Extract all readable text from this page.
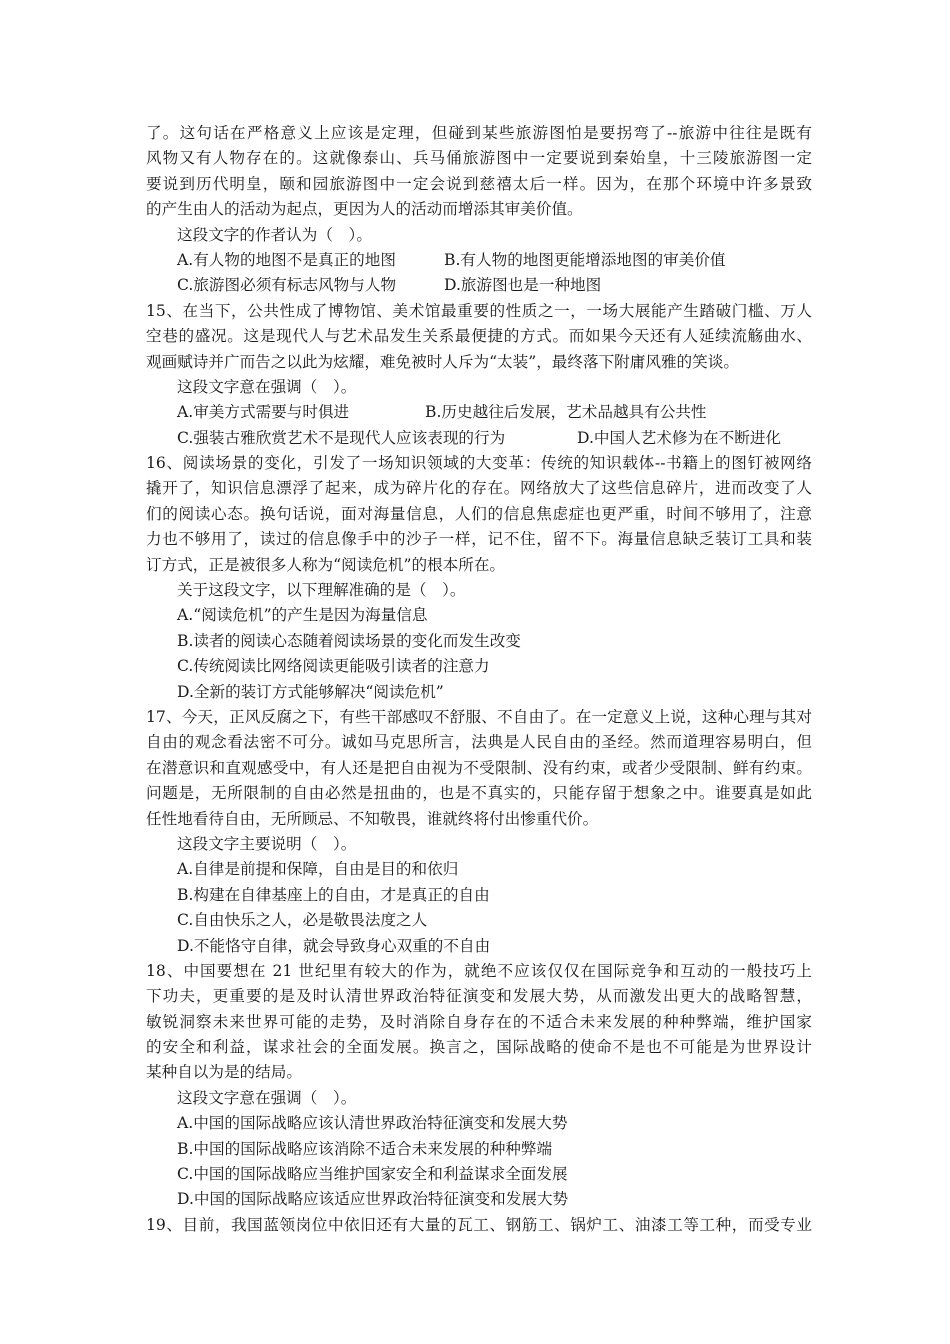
了。这句话在严格意义上应该是定理，但碰到某些旅游图怕是要拐弯了--旅游中往往是既有
风物又有人物存在的。这就像泰山、兵马俑旅游图中一定要说到秦始皇，十三陵旅游图一定
要说到历代明皇，颐和园旅游图中一定会说到慈禧太后一样。因为，在那个环境中许多景致
的产生由人的活动为起点，更因为人的活动而增添其审美价值。
这段文字的作者认为（　）。
A.有人物的地图不是真正的地图	B.有人物的地图更能增添地图的审美价值
C.旅游图必须有标志风物与人物	D.旅游图也是一种地图
15、在当下，公共性成了博物馆、美术馆最重要的性质之一，一场大展能产生踏破门槛、万人
空巷的盛况。这是现代人与艺术品发生关系最便捷的方式。而如果今天还有人延续流觞曲水、
观画赋诗并广而告之以此为炫耀，难免被时人斥为“太装”，最终落下附庸风雅的笑谈。
这段文字意在强调（　）。
A.审美方式需要与时俱进	B.历史越往后发展，艺术品越具有公共性
C.强装古雅欣赏艺术不是现代人应该表现的行为	D.中国人艺术修为在不断进化
16、阅读场景的变化，引发了一场知识领域的大变革：传统的知识载体--书籍上的图钉被网络
撬开了，知识信息漂浮了起来，成为碎片化的存在。网络放大了这些信息碎片，进而改变了人
们的阅读心态。换句话说，面对海量信息，人们的信息焦虑症也更严重，时间不够用了，注意
力也不够用了，读过的信息像手中的沙子一样，记不住，留不下。海量信息缺乏装订工具和装
订方式，正是被很多人称为“阅读危机”的根本所在。
关于这段文字，以下理解准确的是（　）。
A.“阅读危机”的产生是因为海量信息
B.读者的阅读心态随着阅读场景的变化而发生改变
C.传统阅读比网络阅读更能吸引读者的注意力
D.全新的装订方式能够解决“阅读危机”
17、今天，正风反腐之下，有些干部感叹不舒服、不自由了。在一定意义上说，这种心理与其对
自由的观念看法密不可分。诚如马克思所言，法典是人民自由的圣经。然而道理容易明白，但
在潜意识和直观感受中，有人还是把自由视为不受限制、没有约束，或者少受限制、鲜有约束。
问题是，无所限制的自由必然是扭曲的，也是不真实的，只能存留于想象之中。谁要真是如此
任性地看待自由，无所顾忌、不知敬畏，谁就终将付出惨重代价。
这段文字主要说明（　）。
A.自律是前提和保障，自由是目的和依归
B.构建在自律基座上的自由，才是真正的自由
C.自由快乐之人，必是敬畏法度之人
D.不能恪守自律，就会导致身心双重的不自由
18、中国要想在 21 世纪里有较大的作为，就绝不应该仅仅在国际竞争和互动的一般技巧上
下功夫，更重要的是及时认清世界政治特征演变和发展大势，从而激发出更大的战略智慧，
敏锐洞察未来世界可能的走势，及时消除自身存在的不适合未来发展的种种弊端，维护国家
的安全和利益，谋求社会的全面发展。换言之，国际战略的使命不是也不可能是为世界设计
某种自以为是的结局。
这段文字意在强调（　）。
A.中国的国际战略应该认清世界政治特征演变和发展大势
B.中国的国际战略应该消除不适合未来发展的种种弊端
C.中国的国际战略应当维护国家安全和利益谋求全面发展
D.中国的国际战略应该适应世界政治特征演变和发展大势
19、目前，我国蓝领岗位中依旧还有大量的瓦工、钢筋工、锅炉工、油漆工等工种，而受专业
